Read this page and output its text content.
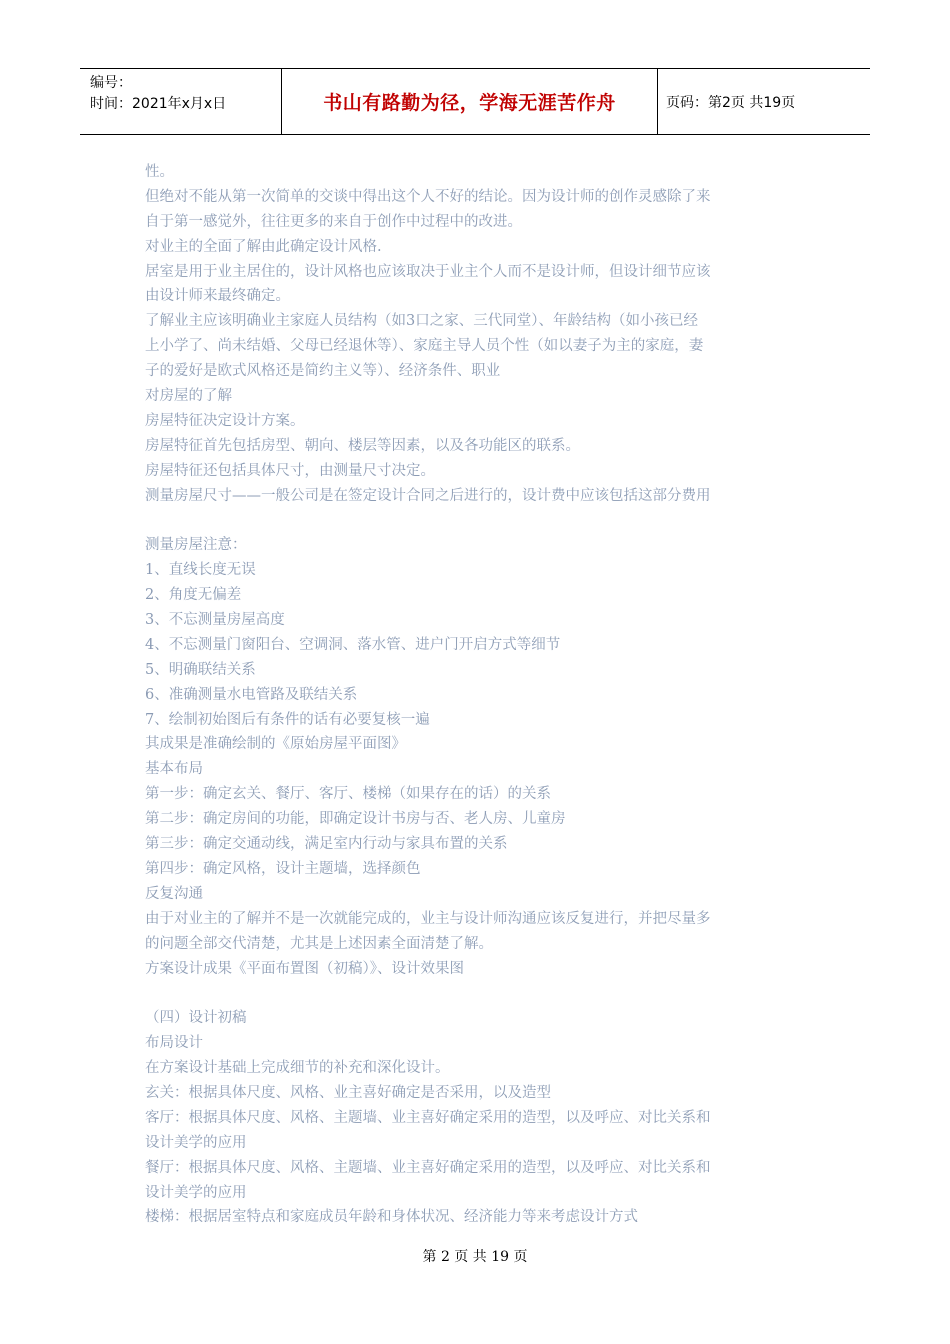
编号：
时间：2021年x月x日	书山有路勤为径，学海无涯苦作舟	页码：第2页 共19页
性。
但绝对不能从第一次简单的交谈中得出这个人不好的结论。因为设计师的创作灵感除了来
自于第一感觉外，往往更多的来自于创作中过程中的改进。
对业主的全面了解由此确定设计风格.
居室是用于业主居住的，设计风格也应该取决于业主个人而不是设计师，但设计细节应该
由设计师来最终确定。
了解业主应该明确业主家庭人员结构（如3口之家、三代同堂）、年龄结构（如小孩已经
上小学了、尚未结婚、父母已经退休等）、家庭主导人员个性（如以妻子为主的家庭，妻
子的爱好是欧式风格还是简约主义等）、经济条件、职业
对房屋的了解
房屋特征决定设计方案。
房屋特征首先包括房型、朝向、楼层等因素，以及各功能区的联系。
房屋特征还包括具体尺寸，由测量尺寸决定。
测量房屋尺寸——一般公司是在签定设计合同之后进行的，设计费中应该包括这部分费用
测量房屋注意：
1、直线长度无误
2、角度无偏差
3、不忘测量房屋高度
4、不忘测量门窗阳台、空调洞、落水管、进户门开启方式等细节
5、明确联结关系
6、准确测量水电管路及联结关系
7、绘制初始图后有条件的话有必要复核一遍
其成果是准确绘制的《原始房屋平面图》
基本布局
第一步：确定玄关、餐厅、客厅、楼梯（如果存在的话）的关系
第二步：确定房间的功能，即确定设计书房与否、老人房、儿童房
第三步：确定交通动线，满足室内行动与家具布置的关系
第四步：确定风格，设计主题墙，选择颜色
反复沟通
由于对业主的了解并不是一次就能完成的，业主与设计师沟通应该反复进行，并把尽量多
的问题全部交代清楚，尤其是上述因素全面清楚了解。
方案设计成果《平面布置图（初稿）》、设计效果图
（四）设计初稿
布局设计
在方案设计基础上完成细节的补充和深化设计。
玄关：根据具体尺度、风格、业主喜好确定是否采用，以及造型
客厅：根据具体尺度、风格、主题墙、业主喜好确定采用的造型，以及呼应、对比关系和
设计美学的应用
餐厅：根据具体尺度、风格、主题墙、业主喜好确定采用的造型，以及呼应、对比关系和
设计美学的应用
楼梯：根据居室特点和家庭成员年龄和身体状况、经济能力等来考虑设计方式
第 2 页 共 19 页
